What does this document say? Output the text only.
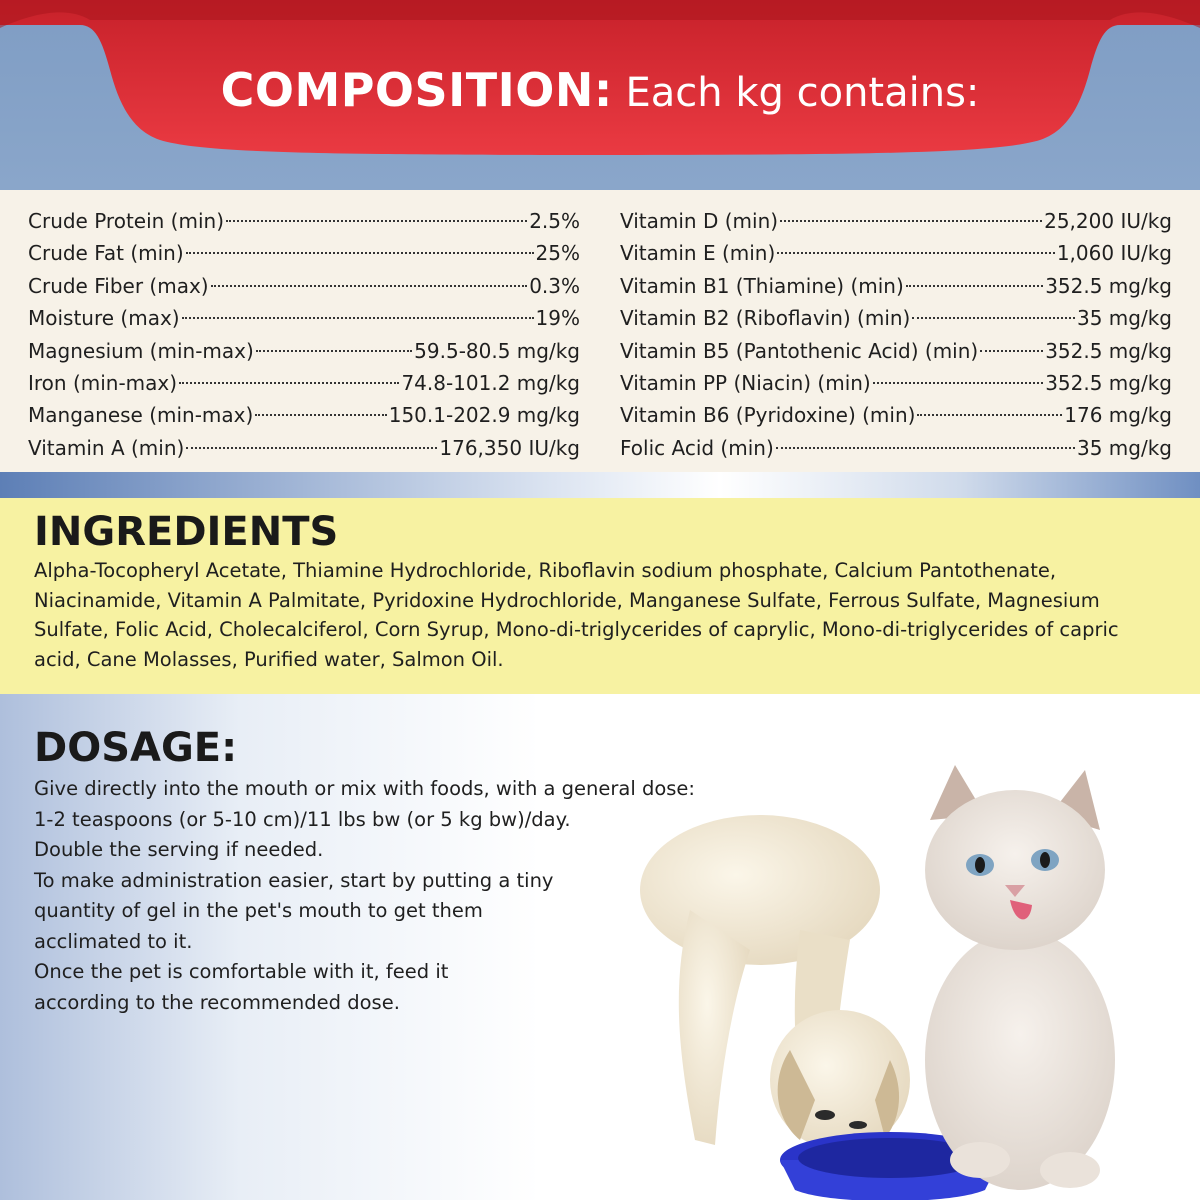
COMPOSITION: Each kg contains:
Crude Protein (min)	2.5%
Crude Fat (min)	25%
Crude Fiber (max)	0.3%
Moisture (max)	19%
Magnesium (min-max)	59.5-80.5 mg/kg
Iron (min-max)	74.8-101.2 mg/kg
Manganese (min-max)	150.1-202.9 mg/kg
Vitamin A (min)	176,350 IU/kg
Vitamin D (min)	25,200 IU/kg
Vitamin E (min)	1,060 IU/kg
Vitamin B1 (Thiamine) (min)	352.5 mg/kg
Vitamin B2 (Riboflavin) (min)	35 mg/kg
Vitamin B5 (Pantothenic Acid) (min)	352.5 mg/kg
Vitamin PP (Niacin) (min)	352.5 mg/kg
Vitamin B6 (Pyridoxine) (min)	176 mg/kg
Folic Acid (min)	35 mg/kg
INGREDIENTS
Alpha-Tocopheryl Acetate, Thiamine Hydrochloride, Riboflavin sodium phosphate, Calcium Pantothenate, Niacinamide, Vitamin A Palmitate, Pyridoxine Hydrochloride, Manganese Sulfate, Ferrous Sulfate, Magnesium Sulfate, Folic Acid, Cholecalciferol, Corn Syrup, Mono-di-triglycerides of caprylic, Mono-di-triglycerides of capric acid, Cane Molasses, Purified water, Salmon Oil.
DOSAGE:
Give directly into the mouth or mix with foods, with a general dose:
1-2 teaspoons (or 5-10 cm)/11 lbs bw (or 5 kg bw)/day.
Double the serving if needed.
To make administration easier, start by putting a tiny
quantity of gel in the pet's mouth to get them
acclimated to it.
Once the pet is comfortable with it, feed it
according to the recommended dose.
